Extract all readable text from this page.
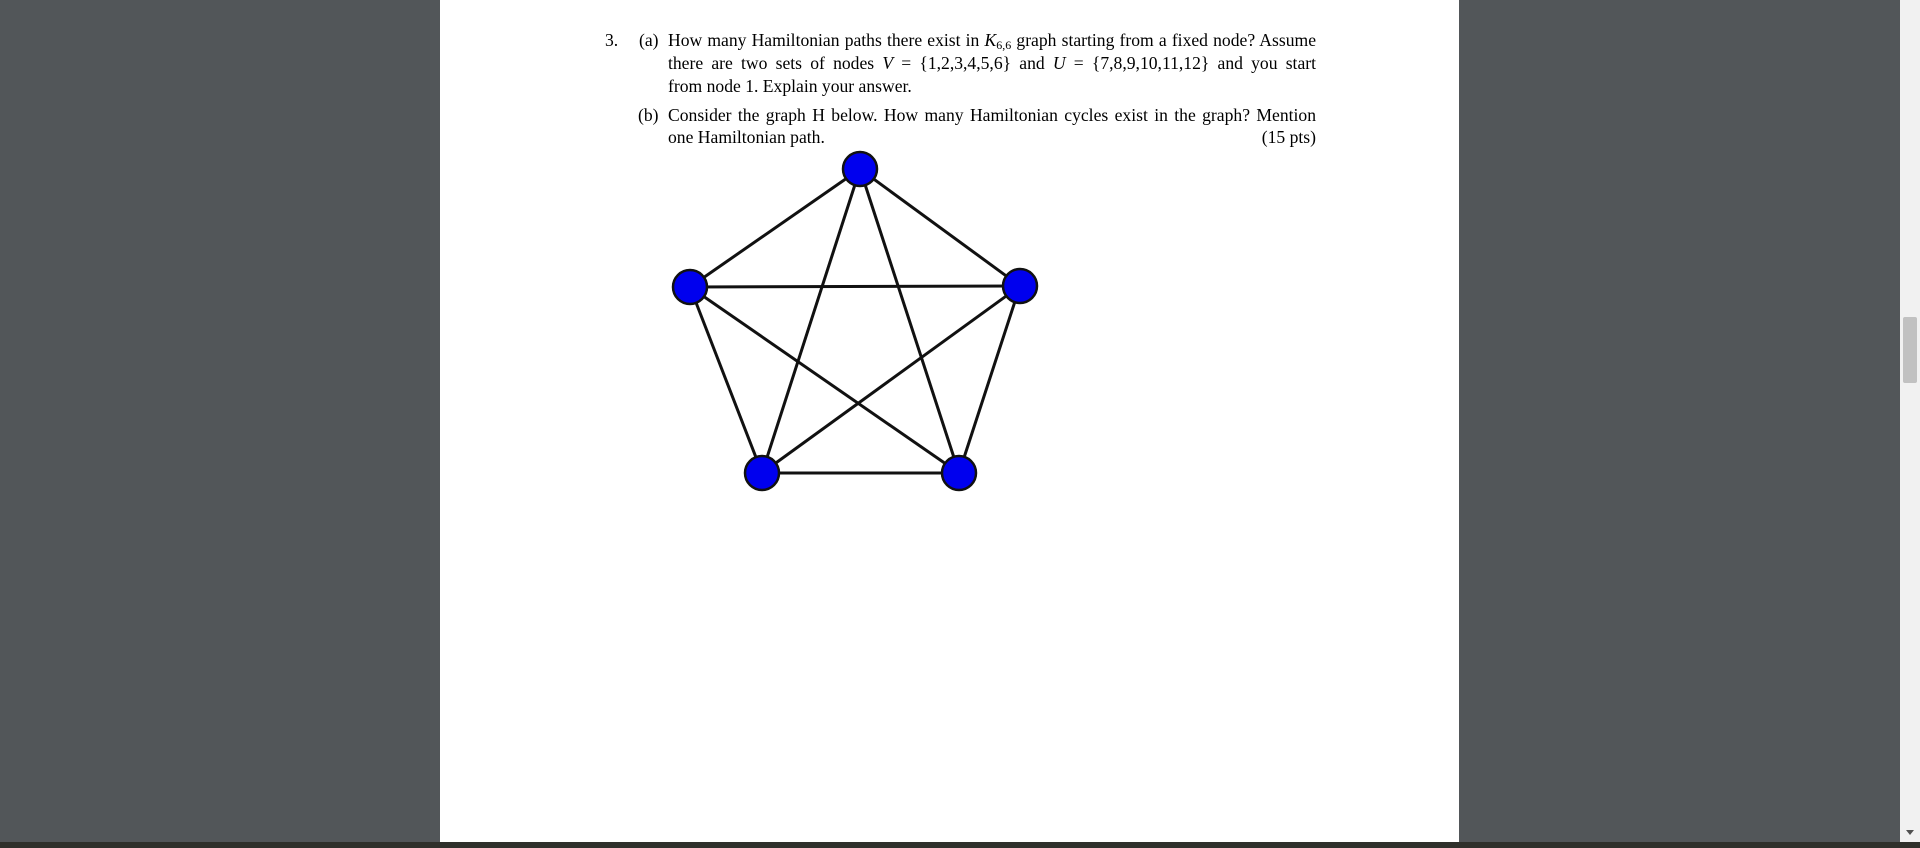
3. (a) How many Hamiltonian paths there exist in $K_{6,6}$ graph starting from a fixed node? Assume
there are two sets of nodes V = {1,2,3,4,5,6} and U = {7,8,9,10,11,12} and you start
from node 1. Explain your answer.
(b) Consider the graph H below. How many Hamiltonian cycles exist in the graph? Mention
one Hamiltonian path.	(15 pts)
